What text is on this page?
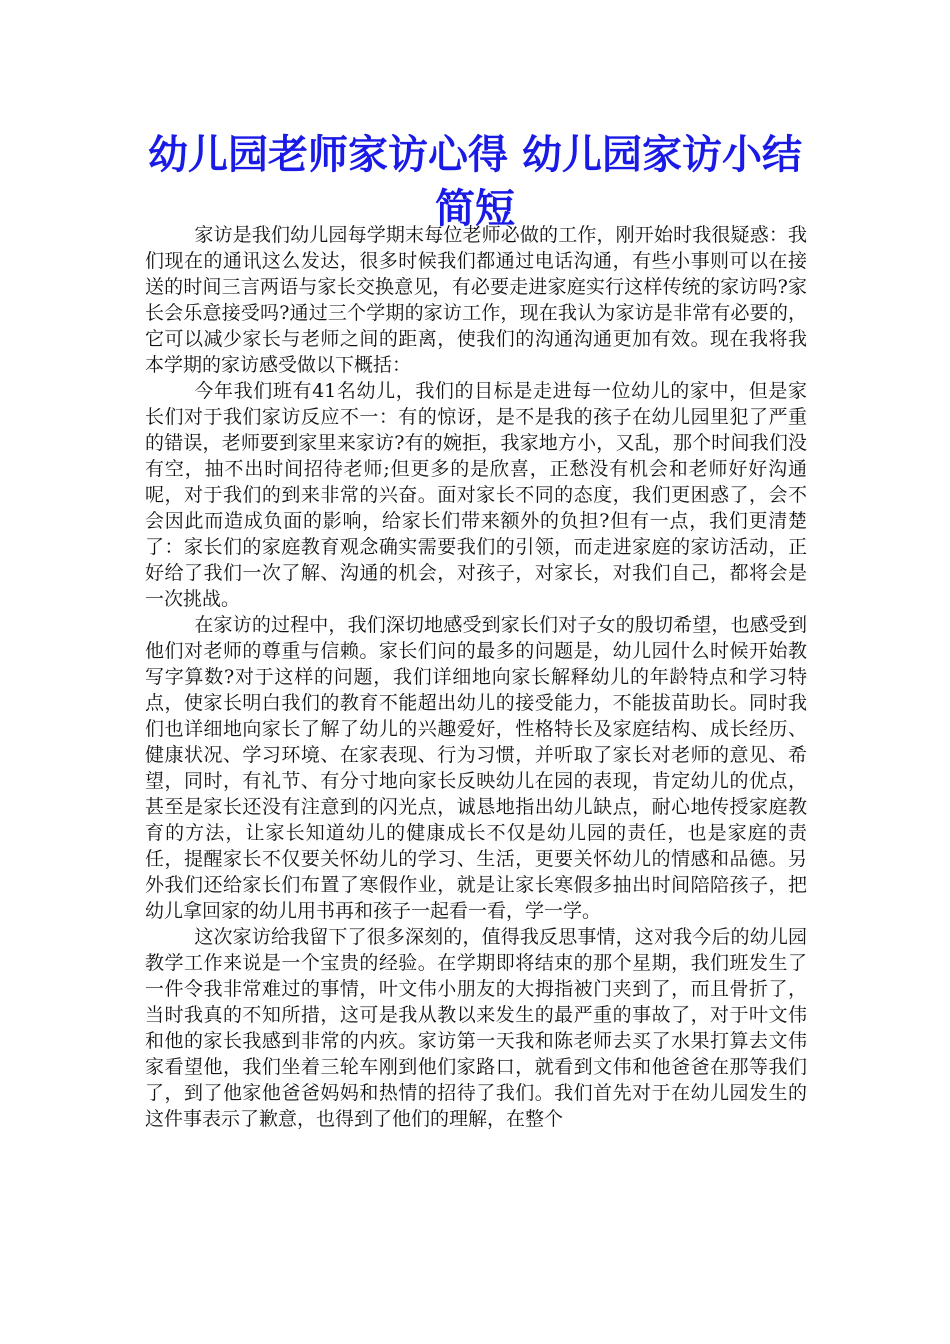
幼儿园老师家访心得 幼儿园家访小结简短

家访是我们幼儿园每学期末每位老师必做的工作，刚开始时我很疑惑：我们现在的通讯这么发达，很多时候我们都通过电话沟通，有些小事则可以在接送的时间三言两语与家长交换意见，有必要走进家庭实行这样传统的家访吗?家长会乐意接受吗?通过三个学期的家访工作，现在我认为家访是非常有必要的，它可以减少家长与老师之间的距离，使我们的沟通沟通更加有效。现在我将我本学期的家访感受做以下概括：

今年我们班有41名幼儿，我们的目标是走进每一位幼儿的家中，但是家长们对于我们家访反应不一：有的惊讶，是不是我的孩子在幼儿园里犯了严重的错误，老师要到家里来家访?有的婉拒，我家地方小，又乱，那个时间我们没有空，抽不出时间招待老师;但更多的是欣喜，正愁没有机会和老师好好沟通呢，对于我们的到来非常的兴奋。面对家长不同的态度，我们更困惑了，会不会因此而造成负面的影响，给家长们带来额外的负担?但有一点，我们更清楚了：家长们的家庭教育观念确实需要我们的引领，而走进家庭的家访活动，正好给了我们一次了解、沟通的机会，对孩子，对家长，对我们自己，都将会是一次挑战。

在家访的过程中，我们深切地感受到家长们对子女的殷切希望，也感受到他们对老师的尊重与信赖。家长们问的最多的问题是，幼儿园什么时候开始教写字算数?对于这样的问题，我们详细地向家长解释幼儿的年龄特点和学习特点，使家长明白我们的教育不能超出幼儿的接受能力，不能拔苗助长。同时我们也详细地向家长了解了幼儿的兴趣爱好，性格特长及家庭结构、成长经历、健康状况、学习环境、在家表现、行为习惯，并听取了家长对老师的意见、希望，同时，有礼节、有分寸地向家长反映幼儿在园的表现，肯定幼儿的优点，甚至是家长还没有注意到的闪光点，诚恳地指出幼儿缺点，耐心地传授家庭教育的方法，让家长知道幼儿的健康成长不仅是幼儿园的责任，也是家庭的责任，提醒家长不仅要关怀幼儿的学习、生活，更要关怀幼儿的情感和品德。另外我们还给家长们布置了寒假作业，就是让家长寒假多抽出时间陪陪孩子，把幼儿拿回家的幼儿用书再和孩子一起看一看，学一学。

这次家访给我留下了很多深刻的，值得我反思事情，这对我今后的幼儿园教学工作来说是一个宝贵的经验。在学期即将结束的那个星期，我们班发生了一件令我非常难过的事情，叶文伟小朋友的大拇指被门夹到了，而且骨折了，当时我真的不知所措，这可是我从教以来发生的最严重的事故了，对于叶文伟和他的家长我感到非常的内疚。家访第一天我和陈老师去买了水果打算去文伟家看望他，我们坐着三轮车刚到他们家路口，就看到文伟和他爸爸在那等我们了，到了他家他爸爸妈妈和热情的招待了我们。我们首先对于在幼儿园发生的这件事表示了歉意，也得到了他们的理解，在整个
